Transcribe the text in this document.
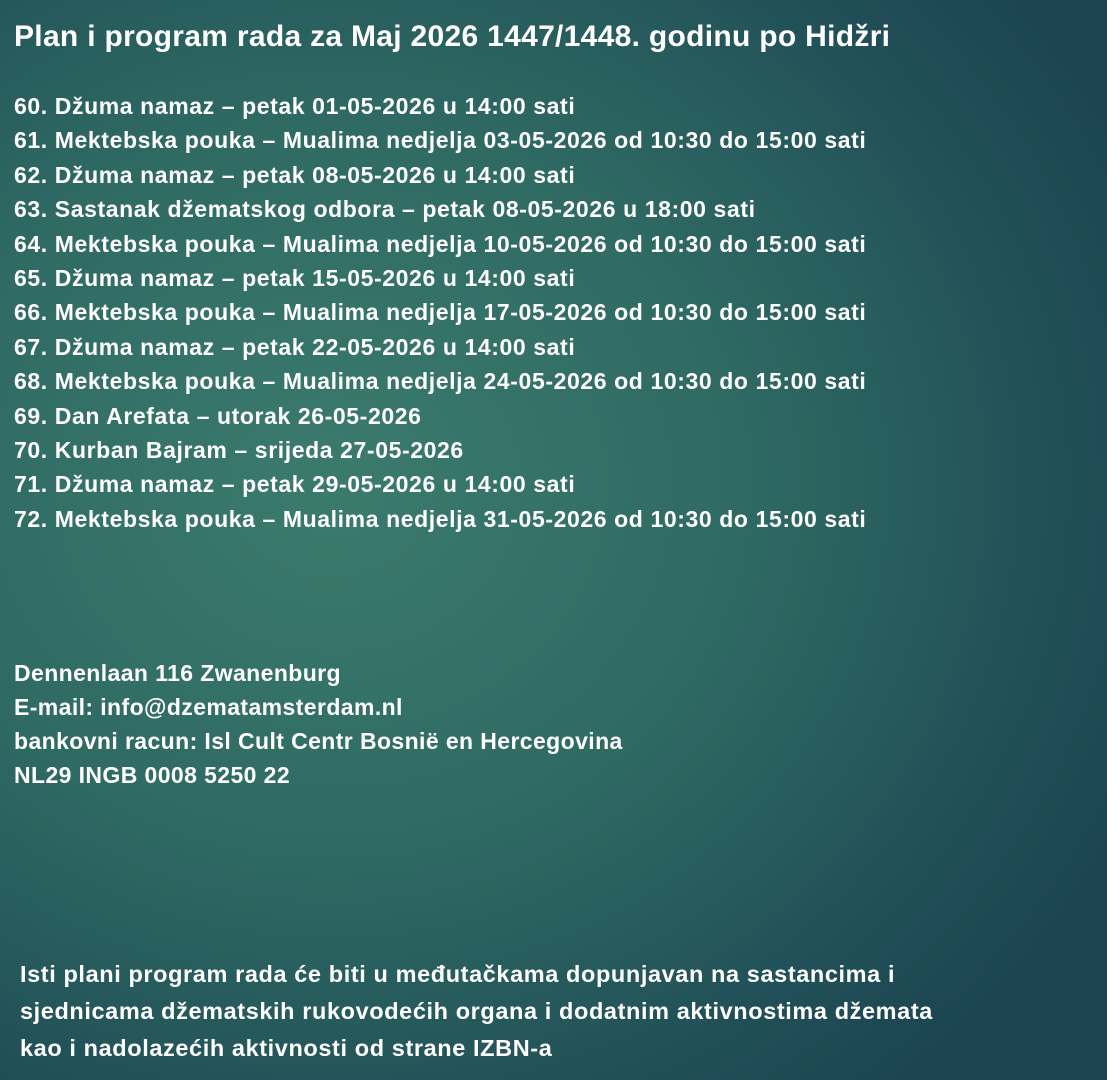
Plan i program rada za Maj 2026 1447/1448. godinu po Hidžri
60. Džuma namaz – petak 01-05-2026 u 14:00 sati
61. Mektebska pouka – Mualima nedjelja 03-05-2026 od 10:30 do 15:00 sati
62. Džuma namaz – petak 08-05-2026 u 14:00 sati
63. Sastanak džematskog odbora – petak 08-05-2026 u 18:00 sati
64. Mektebska pouka – Mualima nedjelja 10-05-2026 od 10:30 do 15:00 sati
65. Džuma namaz – petak 15-05-2026 u 14:00 sati
66. Mektebska pouka – Mualima nedjelja 17-05-2026 od 10:30 do 15:00 sati
67. Džuma namaz – petak 22-05-2026 u 14:00 sati
68. Mektebska pouka – Mualima nedjelja 24-05-2026 od 10:30 do 15:00 sati
69. Dan Arefata – utorak 26-05-2026
70. Kurban Bajram – srijeda 27-05-2026
71. Džuma namaz – petak 29-05-2026 u 14:00 sati
72. Mektebska pouka – Mualima nedjelja 31-05-2026 od 10:30 do 15:00 sati
Dennenlaan 116 Zwanenburg
E-mail: info@dzematamsterdam.nl
bankovni racun: Isl Cult Centr Bosnië en Hercegovina
NL29 INGB 0008 5250 22
Isti plani program rada će biti u međutačkama dopunjavan na sastancima i
sjednicama džematskih rukovodećih organa i dodatnim aktivnostima džemata
kao i nadolazećih aktivnosti od strane IZBN-a
